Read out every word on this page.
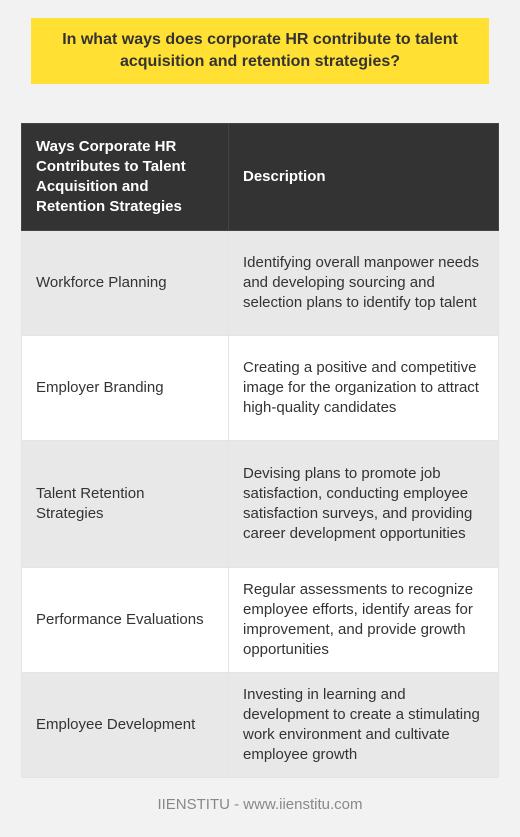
In what ways does corporate HR contribute to talent acquisition and retention strategies?
Ways Corporate HR Contributes to Talent Acquisition and Retention Strategies	Description
Workforce Planning	Identifying overall manpower needs and developing sourcing and selection plans to identify top talent
Employer Branding	Creating a positive and competitive image for the organization to attract high-quality candidates
Talent Retention Strategies	Devising plans to promote job satisfaction, conducting employee satisfaction surveys, and providing career development opportunities
Performance Evaluations	Regular assessments to recognize employee efforts, identify areas for improvement, and provide growth opportunities
Employee Development	Investing in learning and development to create a stimulating work environment and cultivate employee growth
IIENSTITU - www.iienstitu.com
